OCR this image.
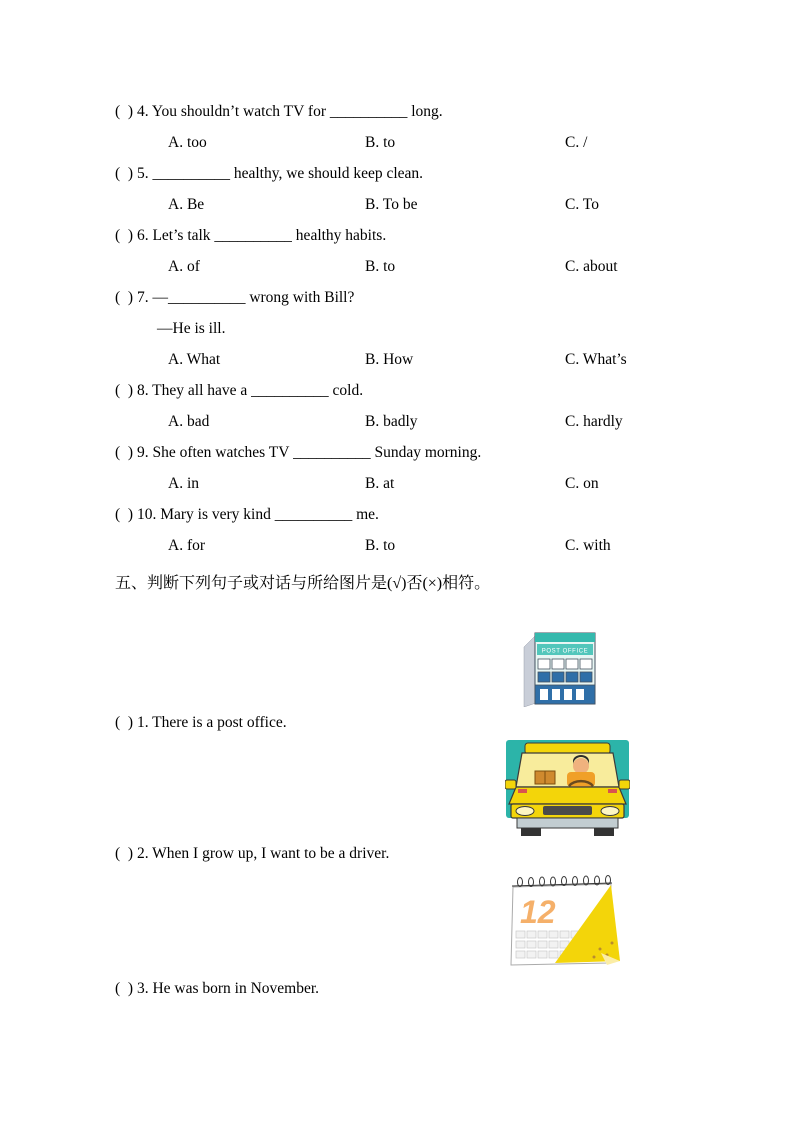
(  ) 4. You shouldn’t watch TV for __________ long.
A. too	B. to	C. /
(  ) 5. __________ healthy, we should keep clean.
A. Be	B. To be	C. To
(  ) 6. Let’s talk __________ healthy habits.
A. of	B. to	C. about
(  ) 7. —__________ wrong with Bill?
—He is ill.
A. What	B. How	C. What’s
(  ) 8. They all have a __________ cold.
A. bad	B. badly	C. hardly
(  ) 9. She often watches TV __________ Sunday morning.
A. in	B. at	C. on
(  ) 10. Mary is very kind __________ me.
A. for	B. to	C. with
五、判断下列句子或对话与所给图片是(√)否(×)相符。
POST OFFICE
(  ) 1. There is a post office.
(  ) 2. When I grow up, I want to be a driver.
12
(  ) 3. He was born in November.
